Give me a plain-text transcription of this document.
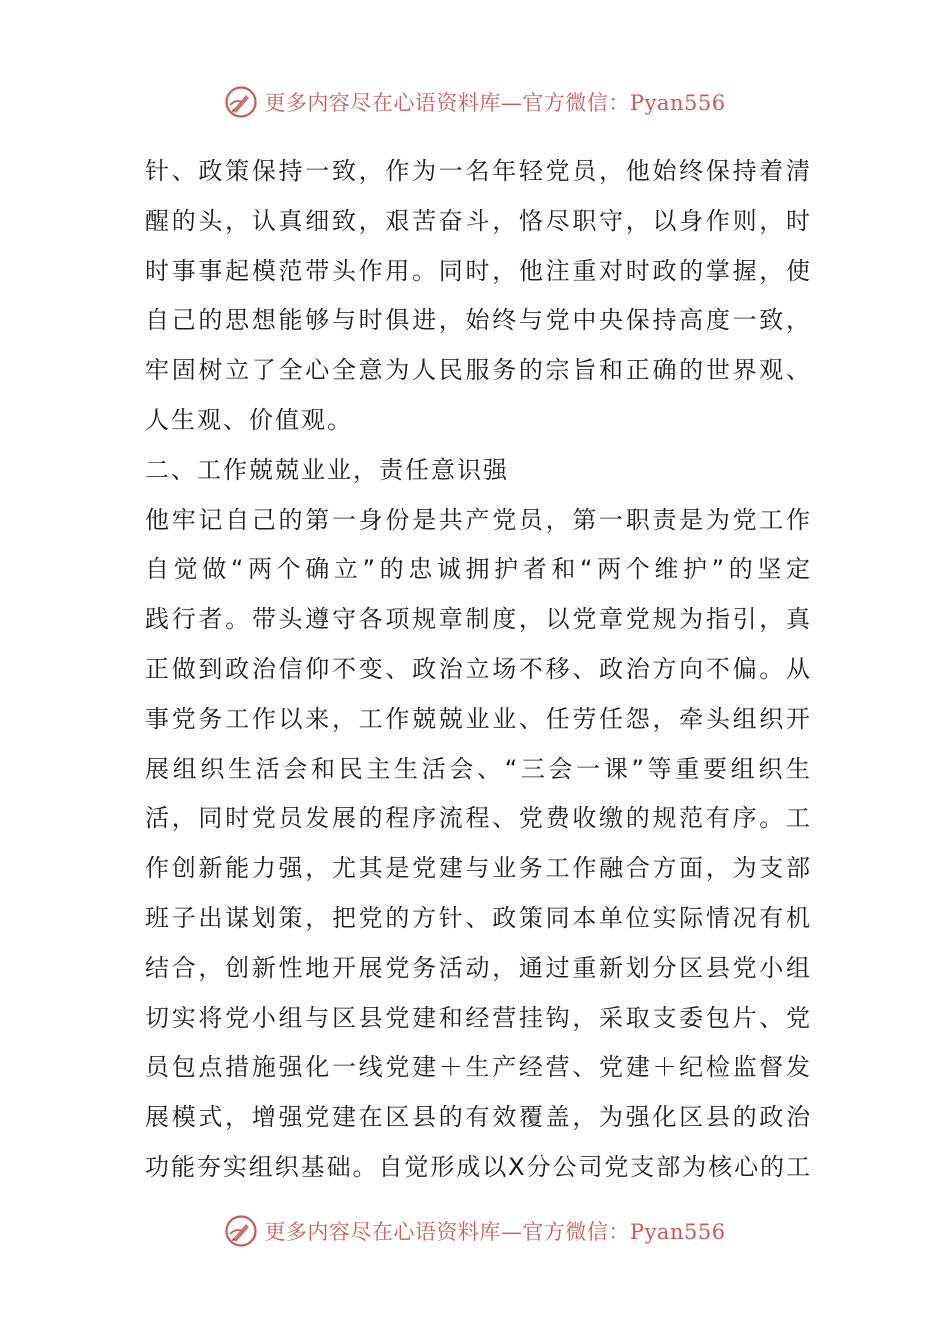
更多内容尽在心语资料库—官方微信：Pyan556
针、政策保持一致，作为一名年轻党员，他始终保持着清
醒的头，认真细致，艰苦奋斗，恪尽职守，以身作则，时
时事事起模范带头作用。同时，他注重对时政的掌握，使
自己的思想能够与时俱进，始终与党中央保持高度一致，
牢固树立了全心全意为人民服务的宗旨和正确的世界观、
人生观、价值观。
二、工作兢兢业业，责任意识强
他牢记自己的第一身份是共产党员，第一职责是为党工作
自觉做“两个确立”的忠诚拥护者和“两个维护”的坚定
践行者。带头遵守各项规章制度，以党章党规为指引，真
正做到政治信仰不变、政治立场不移、政治方向不偏。从
事党务工作以来，工作兢兢业业、任劳任怨，牵头组织开
展组织生活会和民主生活会、“三会一课”等重要组织生
活，同时党员发展的程序流程、党费收缴的规范有序。工
作创新能力强，尤其是党建与业务工作融合方面，为支部
班子出谋划策，把党的方针、政策同本单位实际情况有机
结合，创新性地开展党务活动，通过重新划分区县党小组
切实将党小组与区县党建和经营挂钩，采取支委包片、党
员包点措施强化一线党建＋生产经营、党建＋纪检监督发
展模式，增强党建在区县的有效覆盖，为强化区县的政治
功能夯实组织基础。自觉形成以X分公司党支部为核心的工
更多内容尽在心语资料库—官方微信：Pyan556
